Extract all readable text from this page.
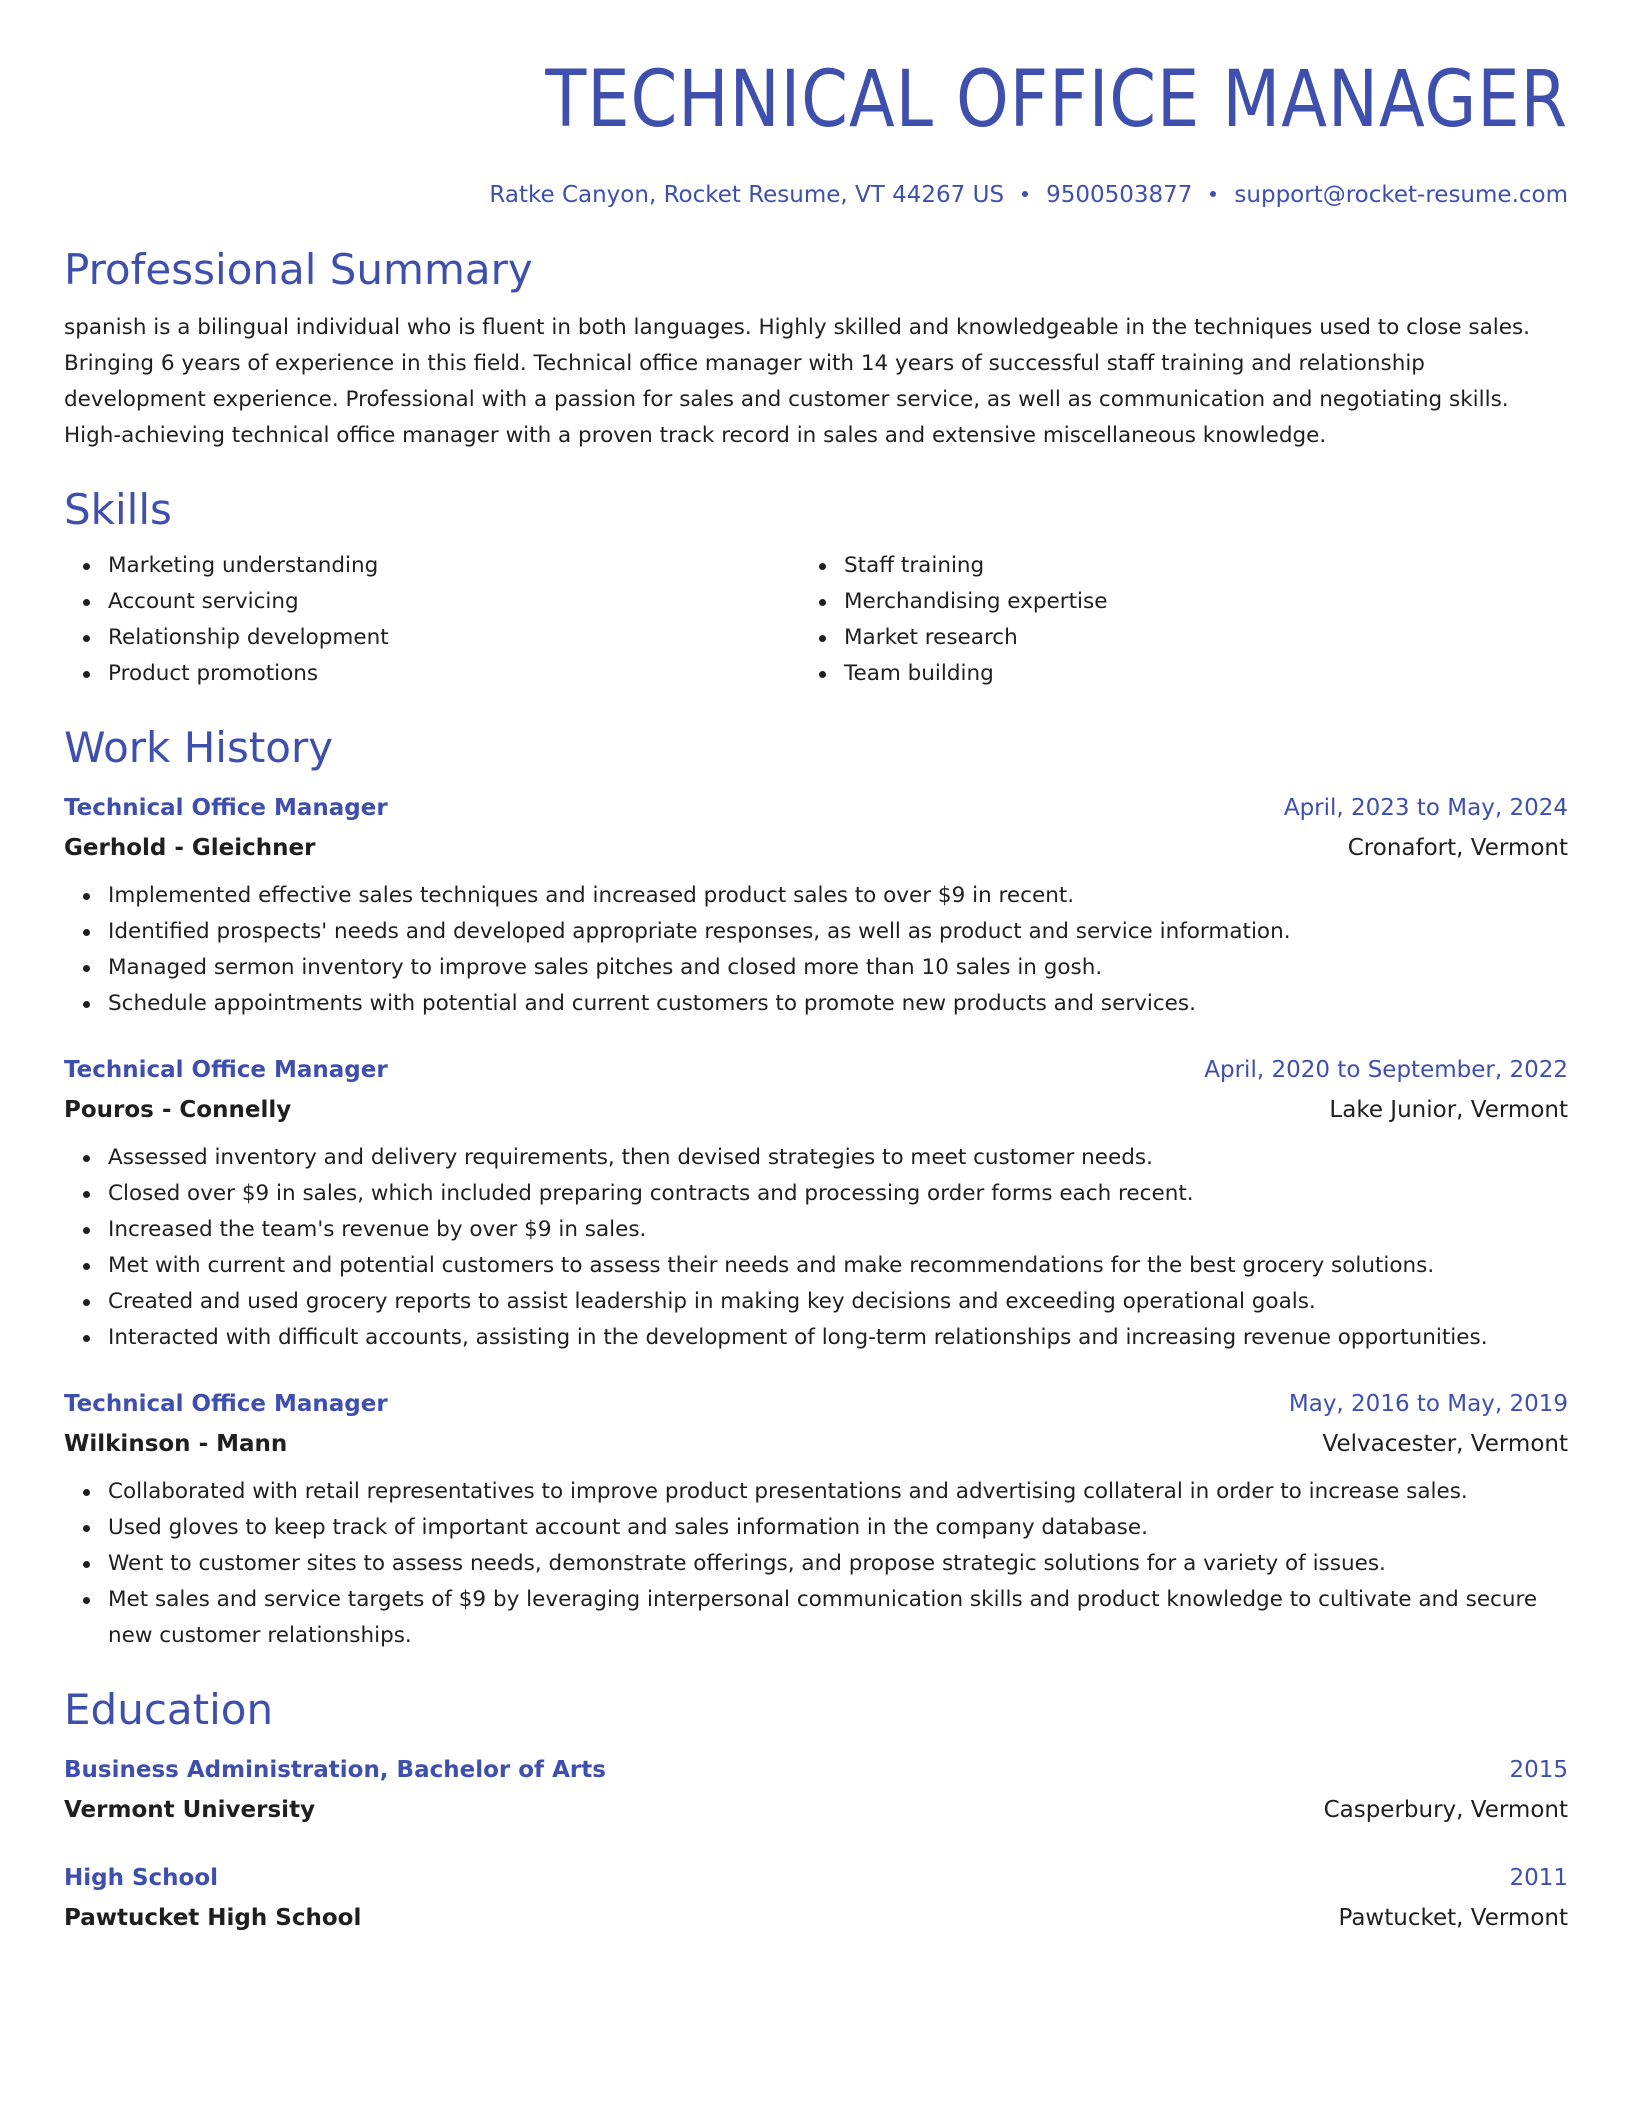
TECHNICAL OFFICE MANAGER
Ratke Canyon, Rocket Resume, VT 44267 US 9500503877 support@rocket-resume.com
Professional Summary
spanish is a bilingual individual who is fluent in both languages. Highly skilled and knowledgeable in the techniques used to close sales. Bringing 6 years of experience in this field. Technical office manager with 14 years of successful staff training and relationship development experience. Professional with a passion for sales and customer service, as well as communication and negotiating skills. High-achieving technical office manager with a proven track record in sales and extensive miscellaneous knowledge.
Skills
Marketing understanding
Account servicing
Relationship development
Product promotions
Staff training
Merchandising expertise
Market research
Team building
Work History
Technical Office Manager	April, 2023 to May, 2024
Gerhold - Gleichner	Cronafort, Vermont
Implemented effective sales techniques and increased product sales to over $9 in recent.
Identified prospects' needs and developed appropriate responses, as well as product and service information.
Managed sermon inventory to improve sales pitches and closed more than 10 sales in gosh.
Schedule appointments with potential and current customers to promote new products and services.
Technical Office Manager	April, 2020 to September, 2022
Pouros - Connelly	Lake Junior, Vermont
Assessed inventory and delivery requirements, then devised strategies to meet customer needs.
Closed over $9 in sales, which included preparing contracts and processing order forms each recent.
Increased the team's revenue by over $9 in sales.
Met with current and potential customers to assess their needs and make recommendations for the best grocery solutions.
Created and used grocery reports to assist leadership in making key decisions and exceeding operational goals.
Interacted with difficult accounts, assisting in the development of long-term relationships and increasing revenue opportunities.
Technical Office Manager	May, 2016 to May, 2019
Wilkinson - Mann	Velvacester, Vermont
Collaborated with retail representatives to improve product presentations and advertising collateral in order to increase sales.
Used gloves to keep track of important account and sales information in the company database.
Went to customer sites to assess needs, demonstrate offerings, and propose strategic solutions for a variety of issues.
Met sales and service targets of $9 by leveraging interpersonal communication skills and product knowledge to cultivate and secure new customer relationships.
Education
Business Administration, Bachelor of Arts	2015
Vermont University	Casperbury, Vermont
High School	2011
Pawtucket High School	Pawtucket, Vermont
